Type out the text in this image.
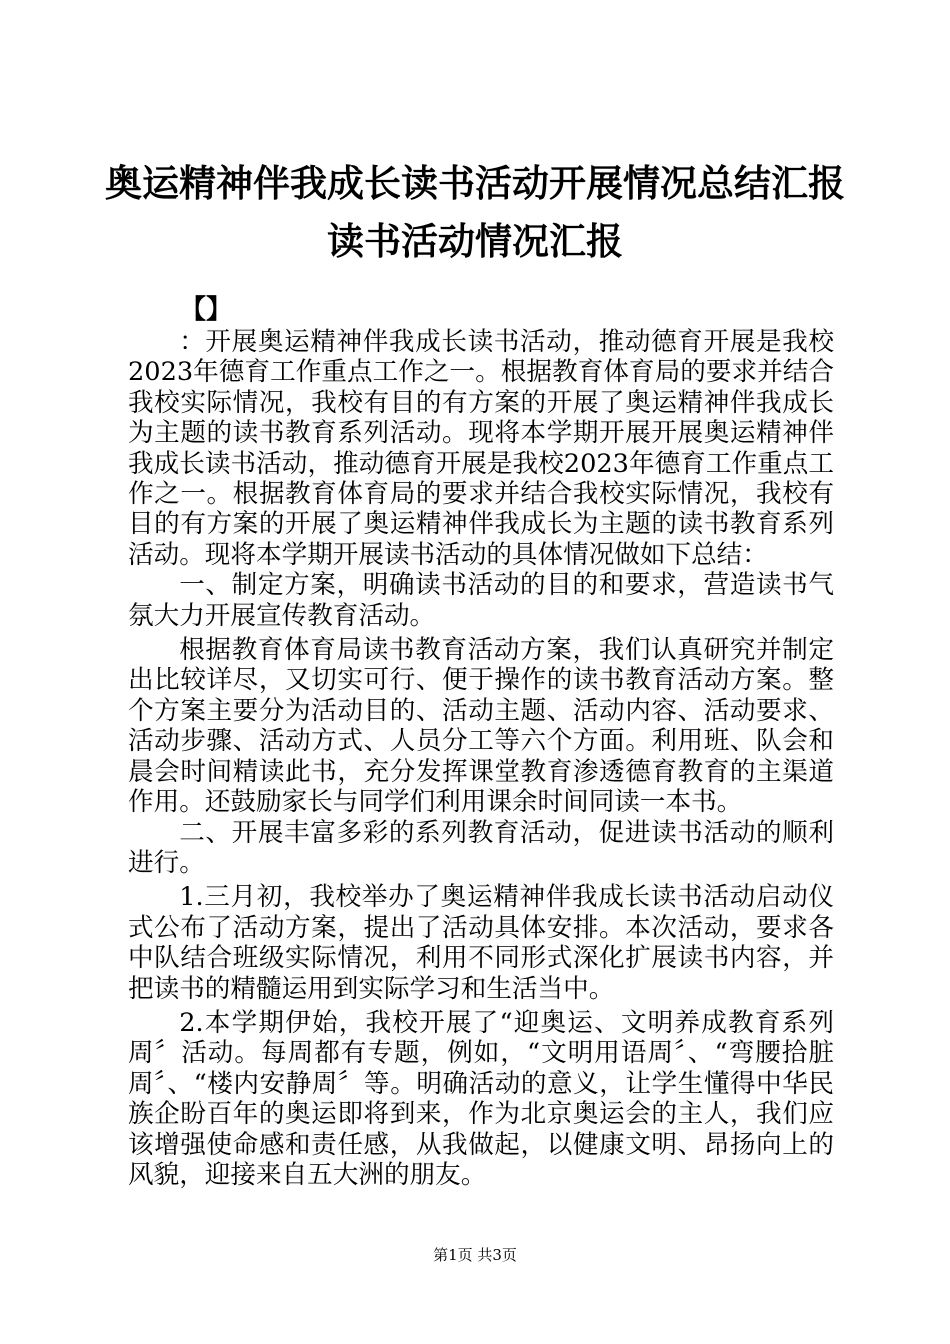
奥运精神伴我成长读书活动开展情况总结汇报
读书活动情况汇报
【】

：开展奥运精神伴我成长读书活动，推动德育开展是我校2023年德育工作重点工作之一。根据教育体育局的要求并结合我校实际情况，我校有目的有方案的开展了奥运精神伴我成长为主题的读书教育系列活动。现将本学期开展开展奥运精神伴我成长读书活动，推动德育开展是我校2023年德育工作重点工作之一。根据教育体育局的要求并结合我校实际情况，我校有目的有方案的开展了奥运精神伴我成长为主题的读书教育系列活动。现将本学期开展读书活动的具体情况做如下总结：

一、制定方案，明确读书活动的目的和要求，营造读书气氛大力开展宣传教育活动。

根据教育体育局读书教育活动方案，我们认真研究并制定出比较详尽，又切实可行、便于操作的读书教育活动方案。整个方案主要分为活动目的、活动主题、活动内容、活动要求、活动步骤、活动方式、人员分工等六个方面。利用班、队会和晨会时间精读此书，充分发挥课堂教育渗透德育教育的主渠道作用。还鼓励家长与同学们利用课余时间同读一本书。

二、开展丰富多彩的系列教育活动，促进读书活动的顺利进行。

1.三月初，我校举办了奥运精神伴我成长读书活动启动仪式公布了活动方案，提出了活动具体安排。本次活动，要求各中队结合班级实际情况，利用不同形式深化扩展读书内容，并把读书的精髓运用到实际学习和生活当中。

2.本学期伊始，我校开展了“迎奥运、文明养成教育系列周〞活动。每周都有专题，例如，“文明用语周〞、“弯腰拾脏周〞、“楼内安静周〞等。明确活动的意义，让学生懂得中华民族企盼百年的奥运即将到来，作为北京奥运会的主人，我们应该增强使命感和责任感，从我做起，以健康文明、昂扬向上的风貌，迎接来自五大洲的朋友。

第1页 共3页
